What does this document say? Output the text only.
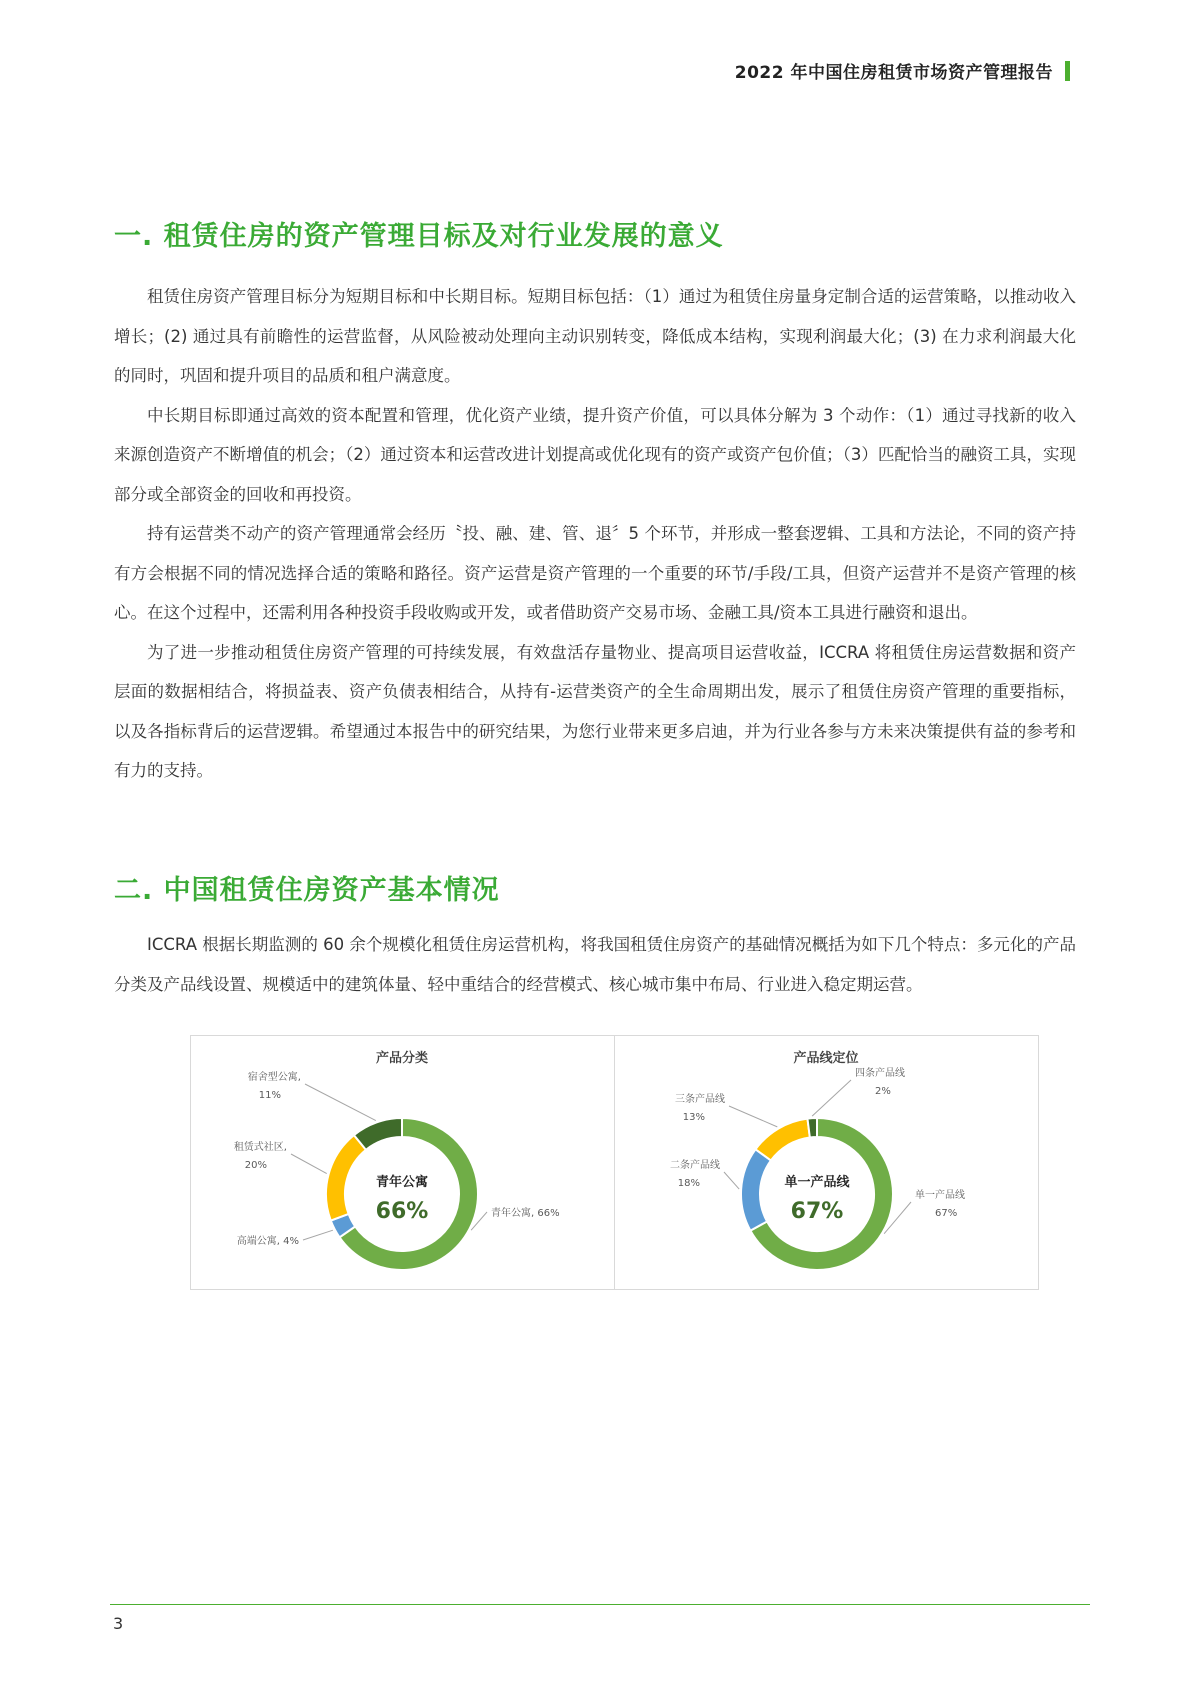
2022 年中国住房租赁市场资产管理报告
一. 租赁住房的资产管理目标及对行业发展的意义

租赁住房资产管理目标分为短期目标和中长期目标。短期目标包括：（1）通过为租赁住房量身定制合适的运营策略，以推动收入增长；(2) 通过具有前瞻性的运营监督，从风险被动处理向主动识别转变，降低成本结构，实现利润最大化；(3) 在力求利润最大化的同时，巩固和提升项目的品质和租户满意度。

中长期目标即通过高效的资本配置和管理，优化资产业绩，提升资产价值，可以具体分解为 3 个动作：（1）通过寻找新的收入来源创造资产不断增值的机会；（2）通过资本和运营改进计划提高或优化现有的资产或资产包价值；（3）匹配恰当的融资工具，实现部分或全部资金的回收和再投资。

持有运营类不动产的资产管理通常会经历〝投、融、建、管、退〞5 个环节，并形成一整套逻辑、工具和方法论，不同的资产持有方会根据不同的情况选择合适的策略和路径。资产运营是资产管理的一个重要的环节/手段/工具，但资产运营并不是资产管理的核心。在这个过程中，还需利用各种投资手段收购或开发，或者借助资产交易市场、金融工具/资本工具进行融资和退出。

为了进一步推动租赁住房资产管理的可持续发展，有效盘活存量物业、提高项目运营收益，ICCRA 将租赁住房运营数据和资产层面的数据相结合，将损益表、资产负债表相结合，从持有-运营类资产的全生命周期出发，展示了租赁住房资产管理的重要指标，以及各指标背后的运营逻辑。希望通过本报告中的研究结果，为您行业带来更多启迪，并为行业各参与方未来决策提供有益的参考和有力的支持。

二. 中国租赁住房资产基本情况

ICCRA 根据长期监测的 60 余个规模化租赁住房运营机构，将我国租赁住房资产的基础情况概括为如下几个特点：多元化的产品分类及产品线设置、规模适中的建筑体量、轻中重结合的经营模式、核心城市集中布局、行业进入稳定期运营。

产品分类
青年公寓, 66%
高端公寓, 4%
租赁式社区,
20%
宿舍型公寓,
11%
青年公寓
66%
产品线定位
单一产品线
67%
二条产品线
18%
三条产品线
13%
四条产品线
2%
单一产品线
67%
3
